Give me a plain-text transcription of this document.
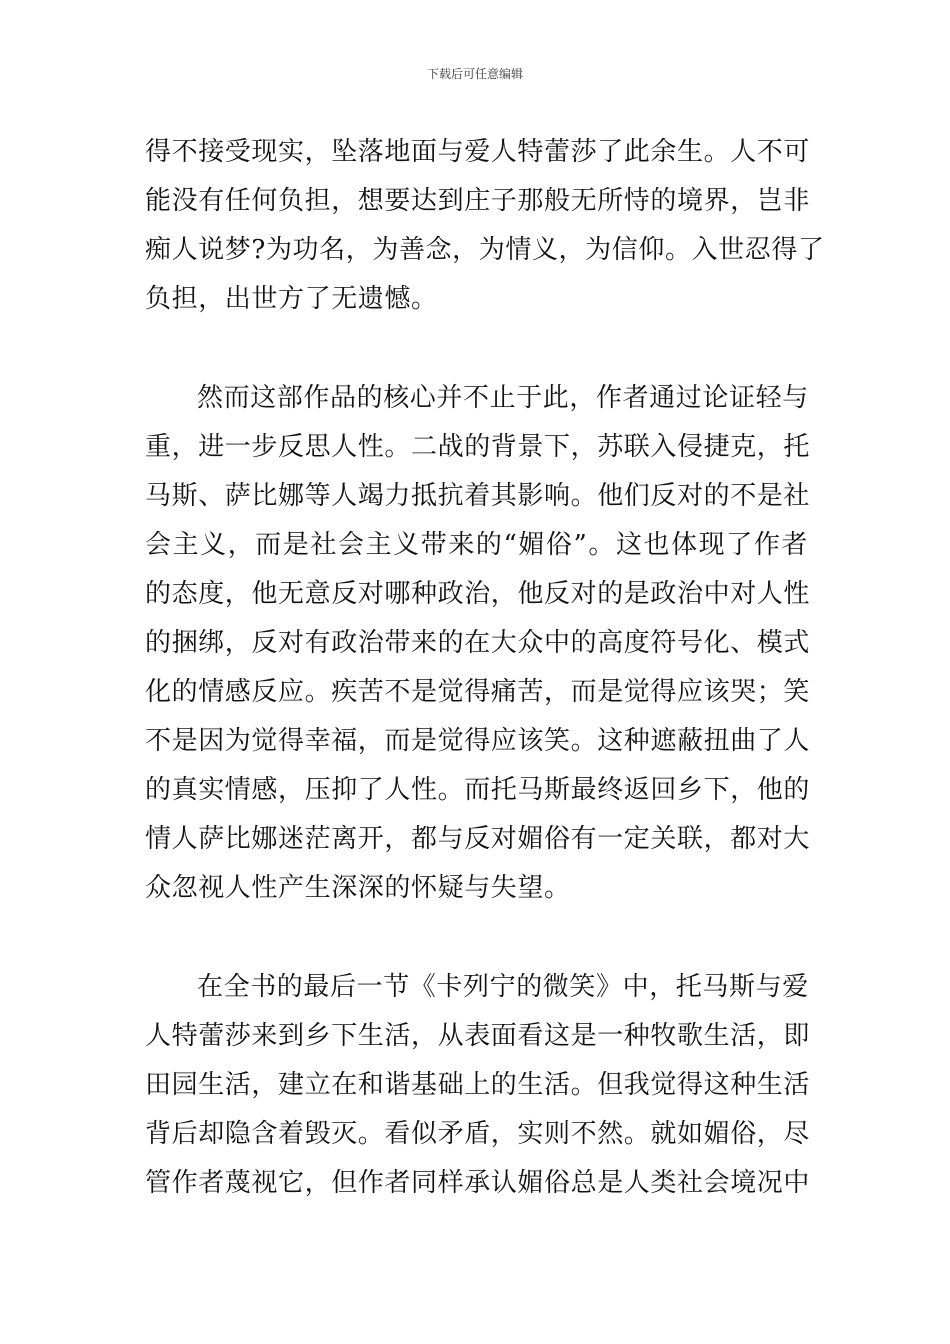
下载后可任意编辑
得不接受现实，坠落地面与爱人特蕾莎了此余生。人不可
能没有任何负担，想要达到庄子那般无所恃的境界，岂非
痴人说梦?为功名，为善念，为情义，为信仰。入世忍得了
负担，出世方了无遗憾。
然而这部作品的核心并不止于此，作者通过论证轻与
重，进一步反思人性。二战的背景下，苏联入侵捷克，托
马斯、萨比娜等人竭力抵抗着其影响。他们反对的不是社
会主义，而是社会主义带来的“媚俗”。这也体现了作者
的态度，他无意反对哪种政治，他反对的是政治中对人性
的捆绑，反对有政治带来的在大众中的高度符号化、模式
化的情感反应。疾苦不是觉得痛苦，而是觉得应该哭；笑
不是因为觉得幸福，而是觉得应该笑。这种遮蔽扭曲了人
的真实情感，压抑了人性。而托马斯最终返回乡下，他的
情人萨比娜迷茫离开，都与反对媚俗有一定关联，都对大
众忽视人性产生深深的怀疑与失望。
在全书的最后一节《卡列宁的微笑》中，托马斯与爱
人特蕾莎来到乡下生活，从表面看这是一种牧歌生活，即
田园生活，建立在和谐基础上的生活。但我觉得这种生活
背后却隐含着毁灭。看似矛盾，实则不然。就如媚俗，尽
管作者蔑视它，但作者同样承认媚俗总是人类社会境况中
